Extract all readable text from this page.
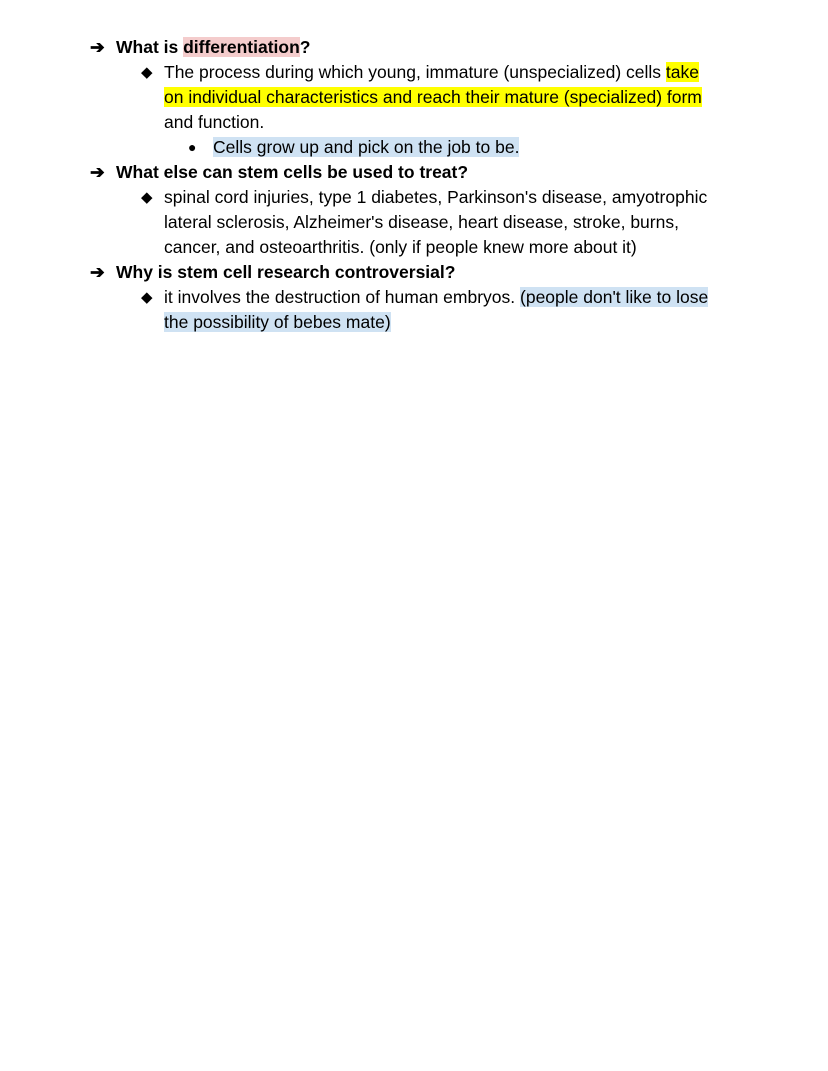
➔ What is differentiation?
◆ The process during which young, immature (unspecialized) cells take
on individual characteristics and reach their mature (specialized) form
and function.
● Cells grow up and pick on the job to be.
➔ What else can stem cells be used to treat?
◆ spinal cord injuries, type 1 diabetes, Parkinson's disease, amyotrophic
lateral sclerosis, Alzheimer's disease, heart disease, stroke, burns,
cancer, and osteoarthritis. (only if people knew more about it)
➔ Why is stem cell research controversial?
◆ it involves the destruction of human embryos. (people don't like to lose
the possibility of bebes mate)
